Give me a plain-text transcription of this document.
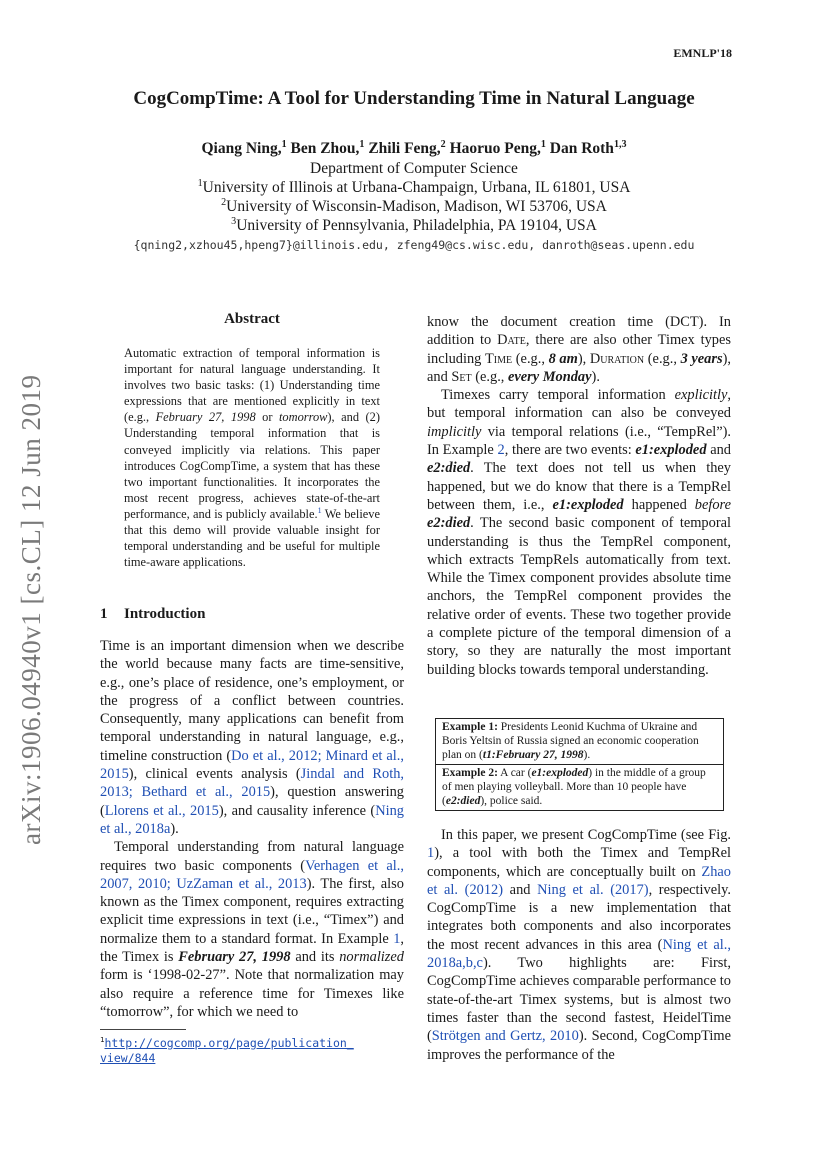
EMNLP'18
arXiv:1906.04940v1 [cs.CL] 12 Jun 2019
CogCompTime: A Tool for Understanding Time in Natural Language
Qiang Ning,$^1$ Ben Zhou,$^1$ Zhili Feng,$^2$ Haoruo Peng,$^1$ Dan Roth$^{1,3}$
Department of Computer Science
$^1$University of Illinois at Urbana-Champaign, Urbana, IL 61801, USA
$^2$University of Wisconsin-Madison, Madison, WI 53706, USA
$^3$University of Pennsylvania, Philadelphia, PA 19104, USA
{qning2,xzhou45,hpeng7}@illinois.edu, zfeng49@cs.wisc.edu, danroth@seas.upenn.edu
Abstract
Automatic extraction of temporal information is important for natural language understanding. It involves two basic tasks: (1) Understanding time expressions that are mentioned explicitly in text (e.g., February 27, 1998 or tomorrow), and (2) Understanding temporal information that is conveyed implicitly via relations. This paper introduces CogCompTime, a system that has these two important functionalities. It incorporates the most recent progress, achieves state-of-the-art performance, and is publicly available.$^1$ We believe that this demo will provide valuable insight for temporal understanding and be useful for multiple time-aware applications.
1 Introduction

Time is an important dimension when we describe the world because many facts are time-sensitive, e.g., one’s place of residence, one’s employment, or the progress of a conflict between countries. Consequently, many applications can benefit from temporal understanding in natural language, e.g., timeline construction (Do et al., 2012; Minard et al., 2015), clinical events analysis (Jindal and Roth, 2013; Bethard et al., 2015), question answering (Llorens et al., 2015), and causality inference (Ning et al., 2018a).

Temporal understanding from natural language requires two basic components (Verhagen et al., 2007, 2010; UzZaman et al., 2013). The first, also known as the Timex component, requires extracting explicit time expressions in text (i.e., “Timex”) and normalize them to a standard format. In Example 1, the Timex is February 27, 1998 and its normalized form is ‘1998-02-27”. Note that normalization may also require a reference time for Timexes like “tomorrow”, for which we need to

know the document creation time (DCT). In addition to Date, there are also other Timex types including Time (e.g., 8 am), Duration (e.g., 3 years), and Set (e.g., every Monday).

Timexes carry temporal information explicitly, but temporal information can also be conveyed implicitly via temporal relations (i.e., “TempRel”). In Example 2, there are two events: e1:exploded and e2:died. The text does not tell us when they happened, but we do know that there is a TempRel between them, i.e., e1:exploded happened before e2:died. The second basic component of temporal understanding is thus the TempRel component, which extracts TempRels automatically from text. While the Timex component provides absolute time anchors, the TempRel component provides the relative order of events. These two together provide a complete picture of the temporal dimension of a story, so they are naturally the most important building blocks towards temporal understanding.

Example 1: Presidents Leonid Kuchma of Ukraine and Boris Yeltsin of Russia signed an economic cooperation plan on (t1:February 27, 1998).
Example 2: A car (e1:exploded) in the middle of a group of men playing volleyball. More than 10 people have (e2:died), police said.

In this paper, we present CogCompTime (see Fig. 1), a tool with both the Timex and TempRel components, which are conceptually built on Zhao et al. (2012) and Ning et al. (2017), respectively. CogCompTime is a new implementation that integrates both components and also incorporates the most recent advances in this area (Ning et al., 2018a,b,c). Two highlights are: First, CogCompTime achieves comparable performance to state-of-the-art Timex systems, but is almost two times faster than the second fastest, HeidelTime (Strötgen and Gertz, 2010). Second, CogCompTime improves the performance of the

$^1$http://cogcomp.org/page/publication_
view/844
